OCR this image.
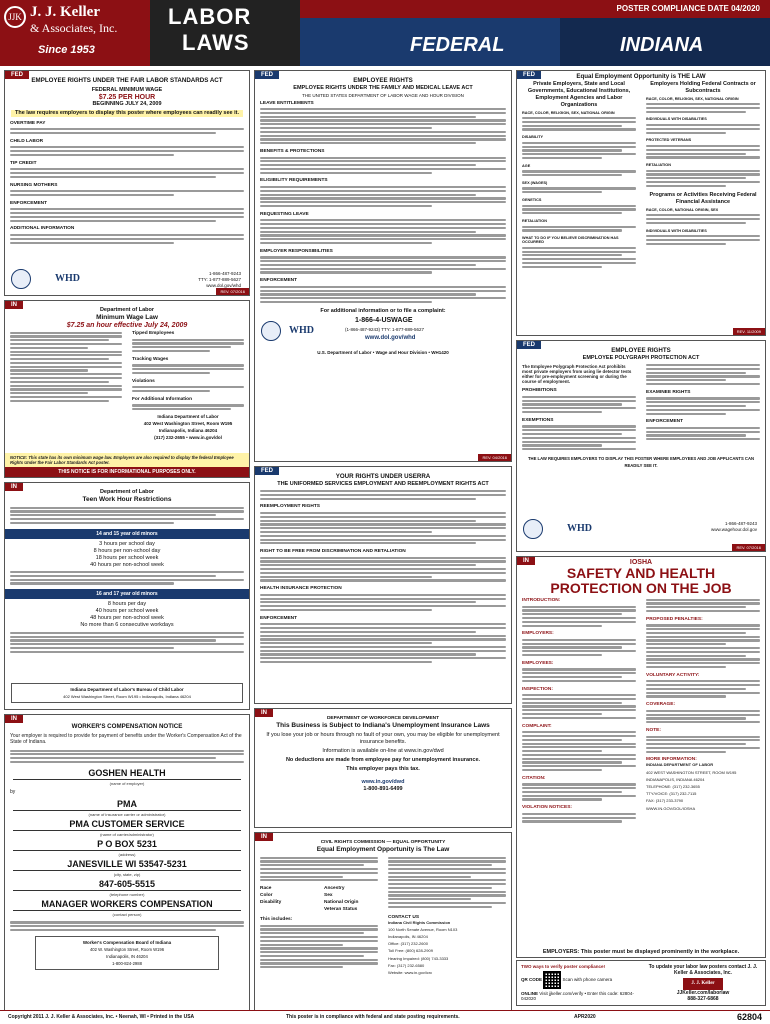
JJK J. J. Keller
& Associates, Inc.
Since 1953
LABOR
LAWS
POSTER COMPLIANCE DATE 04/2020
FEDERAL	INDIANA
FED
EMPLOYEE RIGHTS UNDER THE FAIR LABOR STANDARDS ACT
FEDERAL MINIMUM WAGE
$7.25 PER HOUR
BEGINNING JULY 24, 2009
The law requires employers to display this poster where employees can readily see it.
OVERTIME PAY
CHILD LABOR
TIP CREDIT
NURSING MOTHERS
ENFORCEMENT
ADDITIONAL INFORMATION
WHD	1-866-487-9243
TTY: 1-877-889-5627
www.dol.gov/whd
REV. 07/2016
IN
Department of Labor
Minimum Wage Law
$7.25 an hour effective July 24, 2009
Tipped Employees
Tracking Wages
Violations
For Additional Information
Indiana Department of Labor
402 West Washington Street, Room W195
Indianapolis, Indiana 46204
(317) 232-2655 • www.in.gov/dol
NOTICE: This state has its own minimum wage law. Employers are also required to display the federal Employee Rights Under the Fair Labor Standards Act poster.
THIS NOTICE IS FOR INFORMATIONAL PURPOSES ONLY.
IN
Department of Labor
Teen Work Hour Restrictions
14 and 15 year old minors
3 hours per school day
8 hours per non-school day
18 hours per school week
40 hours per non-school week
16 and 17 year old minors
8 hours per day
40 hours per school week
48 hours per non-school week
No more than 6 consecutive workdays
Indiana Department of Labor's Bureau of Child Labor
402 West Washington Street, Room W195 • Indianapolis, Indiana 46204
IN
WORKER'S COMPENSATION NOTICE
Your employer is required to provide for payment of benefits under the Worker's Compensation Act of the State of Indiana.
GOSHEN HEALTH
(name of employer)
by
PMA
(name of insurance carrier or administrator)
PMA CUSTOMER SERVICE
(name of carrier/administrator)
P O BOX 5231
(address)
JANESVILLE WI 53547-5231
(city, state, zip)
847-605-5515
(telephone number)
MANAGER WORKERS COMPENSATION
(contact person)
Worker's Compensation Board of Indiana
402 W. Washington Street, Room W196
Indianapolis, IN 46204
1-800-824-2988
FED
EMPLOYEE RIGHTS
EMPLOYEE RIGHTS UNDER THE FAMILY AND MEDICAL LEAVE ACT
THE UNITED STATES DEPARTMENT OF LABOR WAGE AND HOUR DIVISION
LEAVE ENTITLEMENTS
BENEFITS & PROTECTIONS
ELIGIBILITY REQUIREMENTS
REQUESTING LEAVE
EMPLOYER RESPONSIBILITIES
ENFORCEMENT
For additional information or to file a complaint:
WHD
1-866-4-USWAGE
(1-866-487-9243) TTY: 1-877-889-5627
www.dol.gov/whd
U.S. Department of Labor • Wage and Hour Division • WH1420
REV. 04/2016
FED
YOUR RIGHTS UNDER USERRA
THE UNIFORMED SERVICES EMPLOYMENT AND REEMPLOYMENT RIGHTS ACT
REEMPLOYMENT RIGHTS
RIGHT TO BE FREE FROM DISCRIMINATION AND RETALIATION
HEALTH INSURANCE PROTECTION
ENFORCEMENT
IN
DEPARTMENT OF WORKFORCE DEVELOPMENT
This Business is Subject to Indiana's Unemployment Insurance Laws
If you lose your job or hours through no fault of your own, you may be eligible for unemployment insurance benefits.
Information is available on-line at www.in.gov/dwd
No deductions are made from employee pay for unemployment insurance.
This employer pays this tax.
www.in.gov/dwd
1-800-891-6499
IN
CIVIL RIGHTS COMMISSION — EQUAL OPPORTUNITY
Equal Employment Opportunity is The Law
Race
Color
Disability
Ancestry
Sex
National Origin
Veteran Status
This includes:
CONTACT US
Indiana Civil Rights Commission
100 North Senate Avenue, Room N103
Indianapolis, IN 46204
Office: (317) 232-2600
Toll Free: (800) 628-2909
Hearing Impaired: (800) 743-3333
Fax: (317) 232-6580
Website: www.in.gov/icrc
FED	Equal Employment Opportunity is THE LAW
Private Employers, State and Local Governments, Educational Institutions, Employment Agencies and Labor Organizations
RACE, COLOR, RELIGION, SEX, NATIONAL ORIGIN
DISABILITY
AGE
SEX (WAGES)
GENETICS
RETALIATION
WHAT TO DO IF YOU BELIEVE DISCRIMINATION HAS OCCURRED
Employers Holding Federal Contracts or Subcontracts
RACE, COLOR, RELIGION, SEX, NATIONAL ORIGIN
INDIVIDUALS WITH DISABILITIES
PROTECTED VETERANS
RETALIATION
Programs or Activities Receiving Federal Financial Assistance
RACE, COLOR, NATIONAL ORIGIN, SEX
INDIVIDUALS WITH DISABILITIES
REV. 11/2009
FED
EMPLOYEE RIGHTS
EMPLOYEE POLYGRAPH PROTECTION ACT
The Employee Polygraph Protection Act prohibits most private employers from using lie detector tests either for pre-employment screening or during the course of employment.
PROHIBITIONS
EXEMPTIONS
EXAMINEE RIGHTS
ENFORCEMENT
THE LAW REQUIRES EMPLOYERS TO DISPLAY THIS POSTER WHERE EMPLOYEES AND JOB APPLICANTS CAN READILY SEE IT.
WHD	1-866-487-9243
www.wagehour.dol.gov
REV. 07/2016
IN	IOSHA
SAFETY AND HEALTH PROTECTION ON THE JOB
INTRODUCTION:
EMPLOYERS:
EMPLOYEES:
INSPECTION:
COMPLAINT:
CITATION:
VIOLATION NOTICES:
PROPOSED PENALTIES:
VOLUNTARY ACTIVITY:
COVERAGE:
NOTE:
MORE INFORMATION:
INDIANA DEPARTMENT OF LABOR
402 WEST WASHINGTON STREET, ROOM W195
INDIANAPOLIS, INDIANA 46204
TELEPHONE: (317) 232-3655
TTY/VOICE: (317) 232-7115
FAX: (317) 233-3790
WWW.IN.GOV/DOL/IOSHA
EMPLOYERS: This poster must be displayed prominently in the workplace.
TWO ways to verify poster compliance!
QR CODE	Scan with phone camera
ONLINE Visit jjkeller.com/verify • Enter this code: 62804-042020
To update your labor law posters contact J. J. Keller & Associates, Inc.
J. J. Keller
JJKeller.com/laborlaw
888-327-6868
Copyright 2011 J. J. Keller & Associates, Inc. • Neenah, WI • Printed in the USA	This poster is in compliance with federal and state posting requirements.	APR2020	62804
